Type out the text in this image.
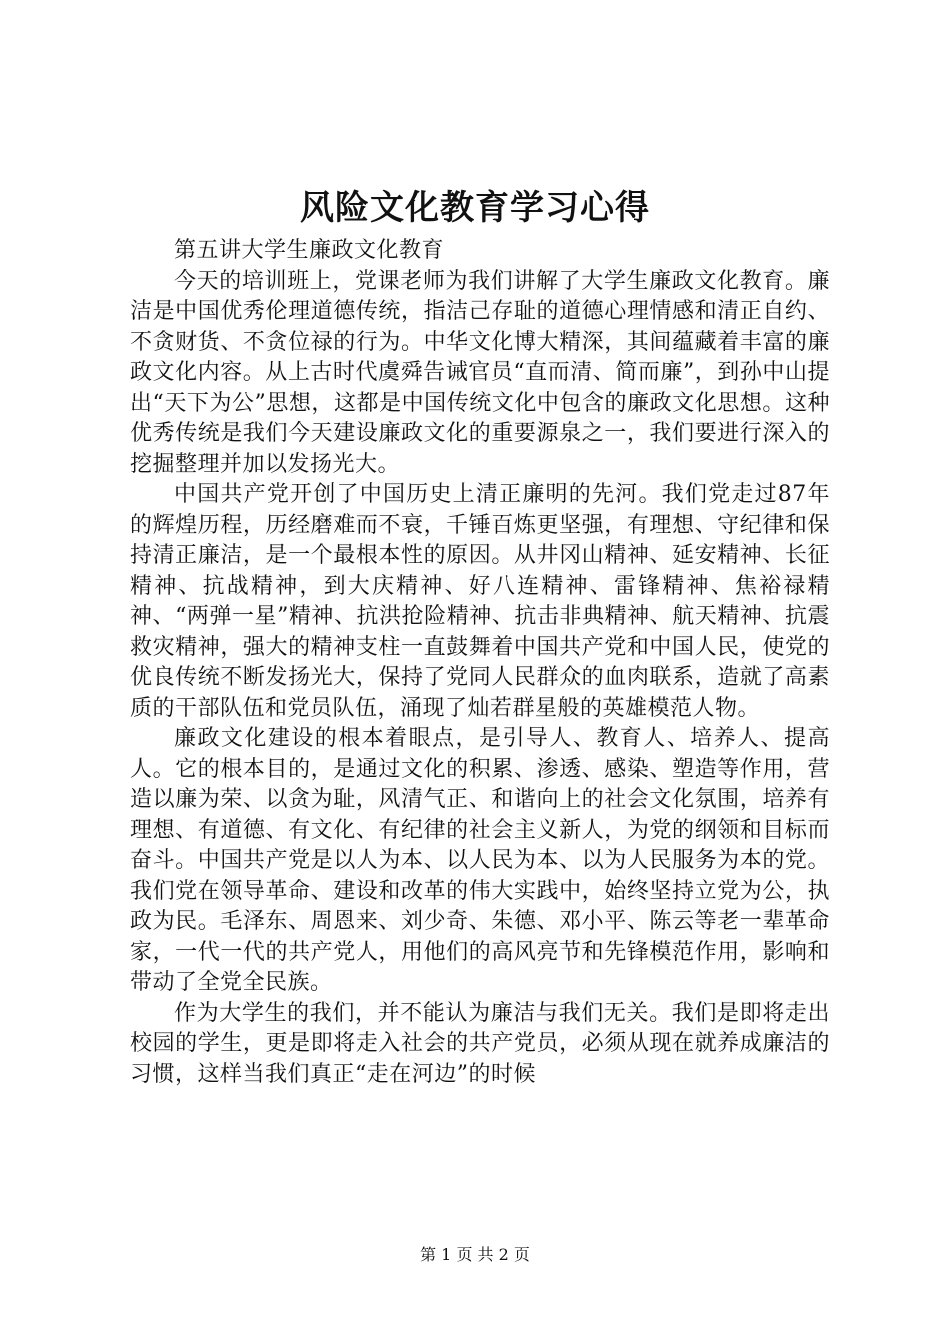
风险文化教育学习心得

第五讲大学生廉政文化教育

今天的培训班上，党课老师为我们讲解了大学生廉政文化教育。廉洁是中国优秀伦理道德传统，指洁己存耻的道德心理情感和清正自约、不贪财货、不贪位禄的行为。中华文化博大精深，其间蕴藏着丰富的廉政文化内容。从上古时代虞舜告诫官员“直而清、简而廉”，到孙中山提出“天下为公”思想，这都是中国传统文化中包含的廉政文化思想。这种优秀传统是我们今天建设廉政文化的重要源泉之一，我们要进行深入的挖掘整理并加以发扬光大。

中国共产党开创了中国历史上清正廉明的先河。我们党走过87年的辉煌历程，历经磨难而不衰，千锤百炼更坚强，有理想、守纪律和保持清正廉洁，是一个最根本性的原因。从井冈山精神、延安精神、长征精神、抗战精神，到大庆精神、好八连精神、雷锋精神、焦裕禄精神、“两弹一星”精神、抗洪抢险精神、抗击非典精神、航天精神、抗震救灾精神，强大的精神支柱一直鼓舞着中国共产党和中国人民，使党的优良传统不断发扬光大，保持了党同人民群众的血肉联系，造就了高素质的干部队伍和党员队伍，涌现了灿若群星般的英雄模范人物。

廉政文化建设的根本着眼点，是引导人、教育人、培养人、提高人。它的根本目的，是通过文化的积累、渗透、感染、塑造等作用，营造以廉为荣、以贪为耻，风清气正、和谐向上的社会文化氛围，培养有理想、有道德、有文化、有纪律的社会主义新人，为党的纲领和目标而奋斗。中国共产党是以人为本、以人民为本、以为人民服务为本的党。我们党在领导革命、建设和改革的伟大实践中，始终坚持立党为公，执政为民。毛泽东、周恩来、刘少奇、朱德、邓小平、陈云等老一辈革命家，一代一代的共产党人，用他们的高风亮节和先锋模范作用，影响和带动了全党全民族。

作为大学生的我们，并不能认为廉洁与我们无关。我们是即将走出校园的学生，更是即将走入社会的共产党员，必须从现在就养成廉洁的习惯，这样当我们真正“走在河边”的时候

第 1 页 共 2 页
